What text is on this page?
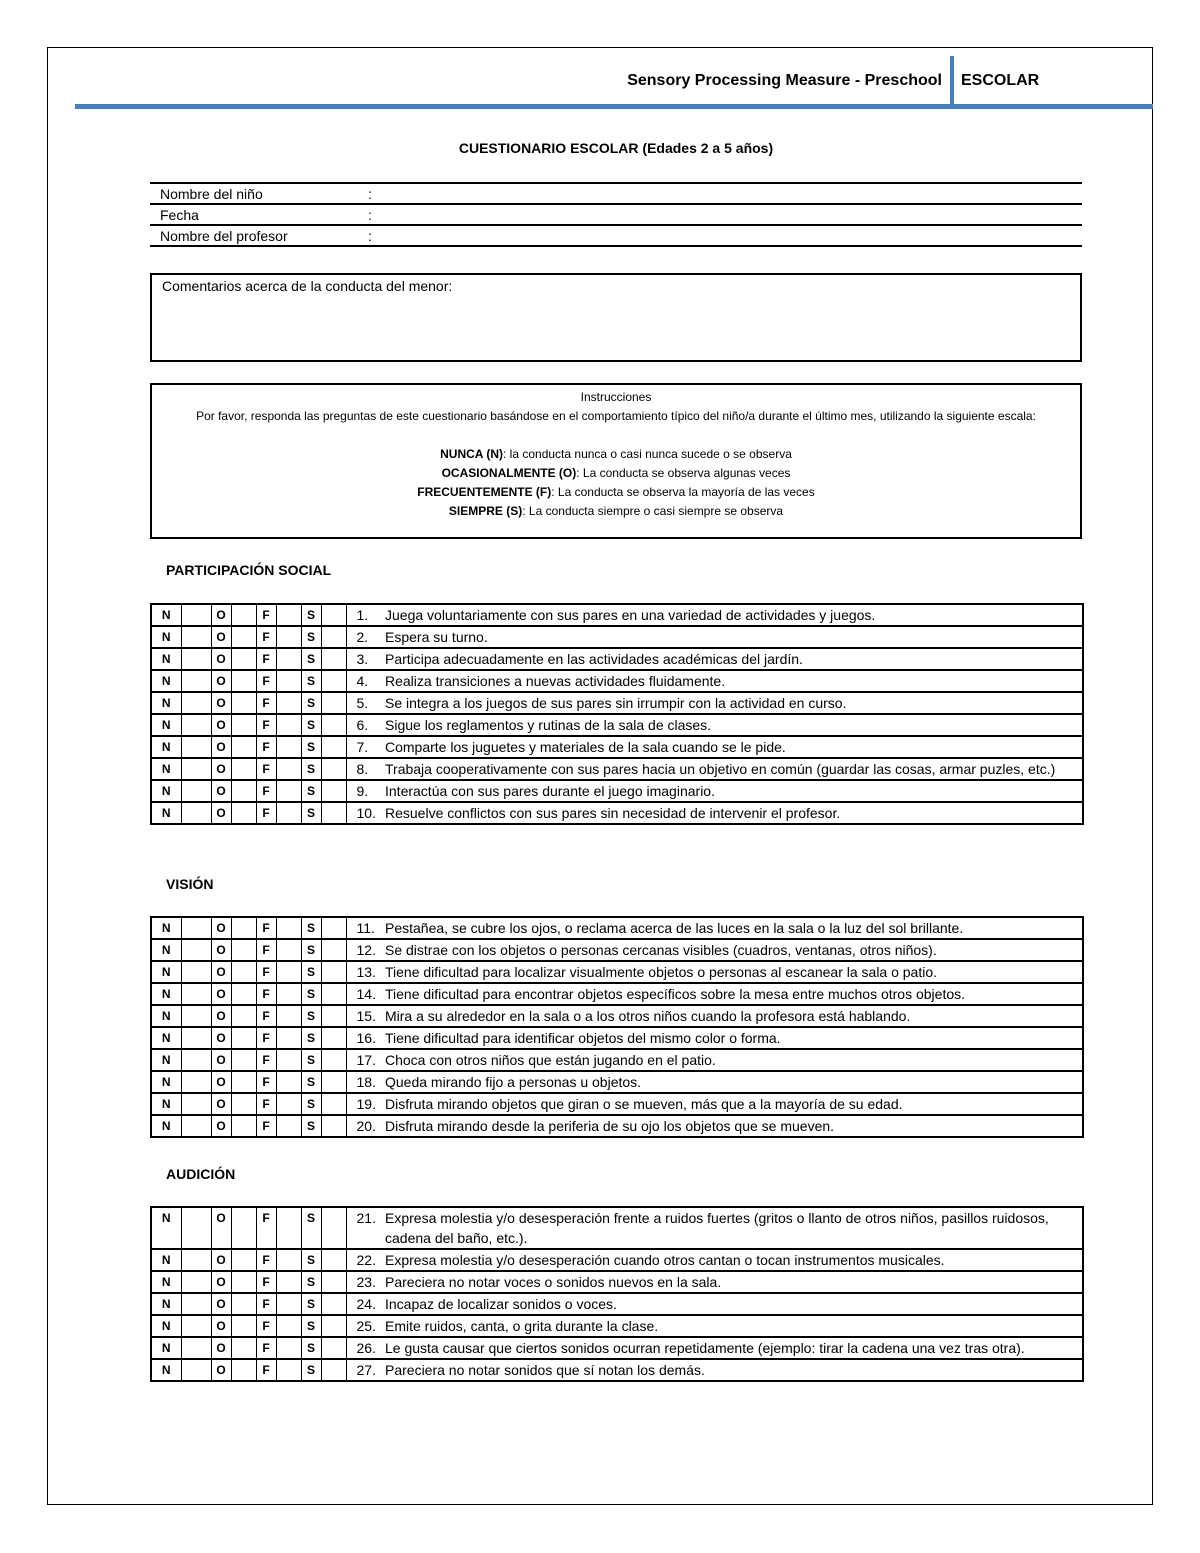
Sensory Processing Measure - Preschool ESCOLAR
CUESTIONARIO ESCOLAR (Edades 2 a 5 años)
Nombre del niño	:
Fecha	:
Nombre del profesor	:
Comentarios acerca de la conducta del menor:
Instrucciones
Por favor, responda las preguntas de este cuestionario basándose en el comportamiento típico del niño/a durante el último mes, utilizando la siguiente escala:
NUNCA (N): la conducta nunca o casi nunca sucede o se observa
OCASIONALMENTE (O): La conducta se observa algunas veces
FRECUENTEMENTE (F): La conducta se observa la mayoría de las veces
SIEMPRE (S): La conducta siempre o casi siempre se observa
PARTICIPACIÓN SOCIAL
N		O		F		S		1.	Juega voluntariamente con sus pares en una variedad de actividades y juegos.
N		O		F		S		2.	Espera su turno.
N		O		F		S		3.	Participa adecuadamente en las actividades académicas del jardín.
N		O		F		S		4.	Realiza transiciones a nuevas actividades fluidamente.
N		O		F		S		5.	Se integra a los juegos de sus pares sin irrumpir con la actividad en curso.
N		O		F		S		6.	Sigue los reglamentos y rutinas de la sala de clases.
N		O		F		S		7.	Comparte los juguetes y materiales de la sala cuando se le pide.
N		O		F		S		8.	Trabaja cooperativamente con sus pares hacia un objetivo en común (guardar las cosas, armar puzles, etc.)
N		O		F		S		9.	Interactúa con sus pares durante el juego imaginario.
N		O		F		S		10.	Resuelve conflictos con sus pares sin necesidad de intervenir el profesor.
VISIÓN
N		O		F		S		11.	Pestañea, se cubre los ojos, o reclama acerca de las luces en la sala o la luz del sol brillante.
N		O		F		S		12.	Se distrae con los objetos o personas cercanas visibles (cuadros, ventanas, otros niños).
N		O		F		S		13.	Tiene dificultad para localizar visualmente objetos o personas al escanear la sala o patio.
N		O		F		S		14.	Tiene dificultad para encontrar objetos específicos sobre la mesa entre muchos otros objetos.
N		O		F		S		15.	Mira a su alrededor en la sala o a los otros niños cuando la profesora está hablando.
N		O		F		S		16.	Tiene dificultad para identificar objetos del mismo color o forma.
N		O		F		S		17.	Choca con otros niños que están jugando en el patio.
N		O		F		S		18.	Queda mirando fijo a personas u objetos.
N		O		F		S		19.	Disfruta mirando objetos que giran o se mueven, más que a la mayoría de su edad.
N		O		F		S		20.	Disfruta mirando desde la periferia de su ojo los objetos que se mueven.
AUDICIÓN
N		O		F		S		21.	Expresa molestia y/o desesperación frente a ruidos fuertes (gritos o llanto de otros niños, pasillos ruidosos, cadena del baño, etc.).
N		O		F		S		22.	Expresa molestia y/o desesperación cuando otros cantan o tocan instrumentos musicales.
N		O		F		S		23.	Pareciera no notar voces o sonidos nuevos en la sala.
N		O		F		S		24.	Incapaz de localizar sonidos o voces.
N		O		F		S		25.	Emite ruidos, canta, o grita durante la clase.
N		O		F		S		26.	Le gusta causar que ciertos sonidos ocurran repetidamente (ejemplo: tirar la cadena una vez tras otra).
N		O		F		S		27.	Pareciera no notar sonidos que sí notan los demás.
